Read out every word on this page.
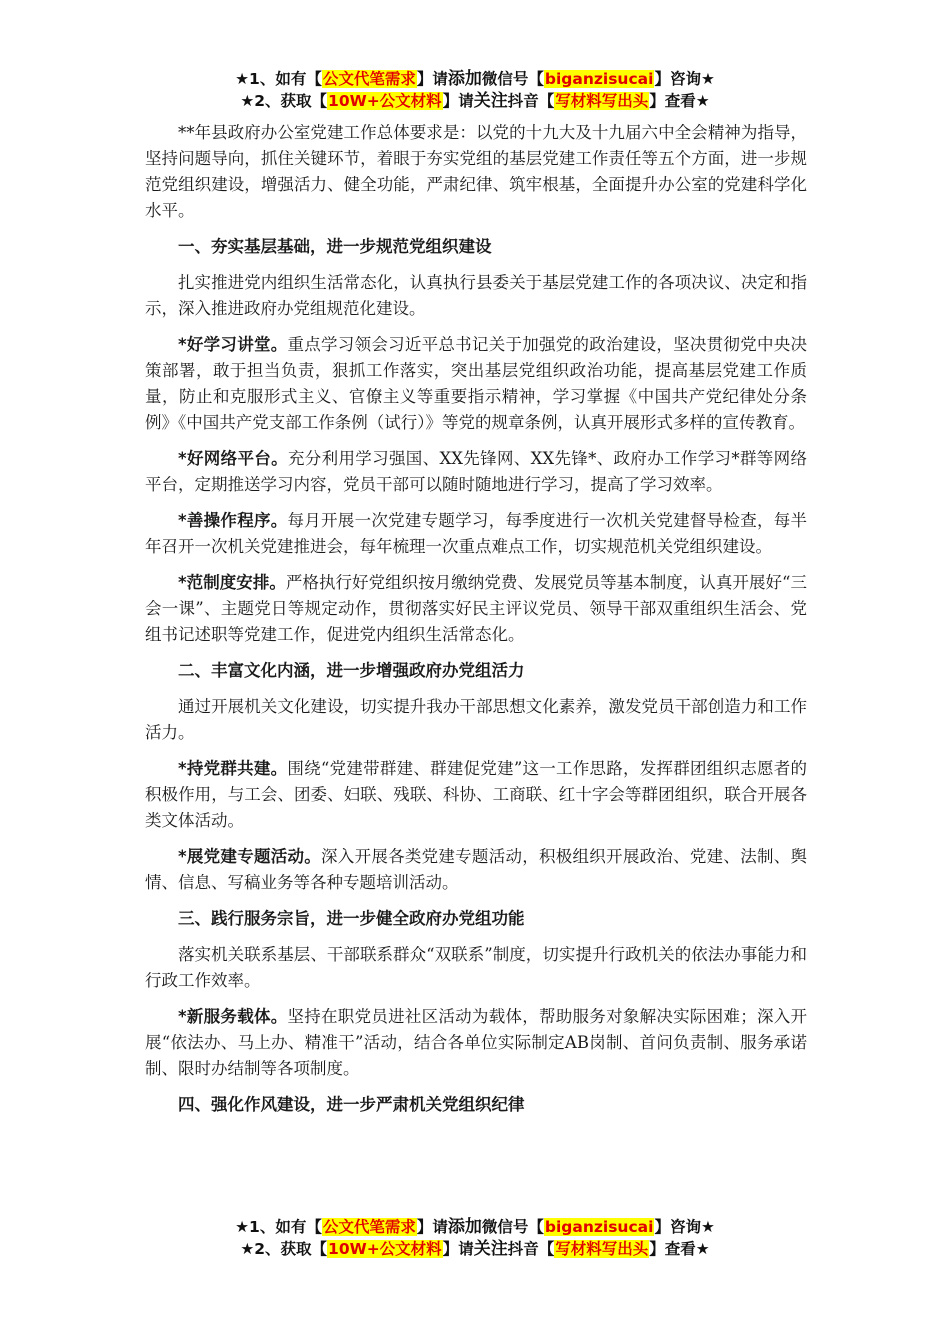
★1、如有【公文代笔需求】请添加微信号【biganzisucai】咨询★
★2、获取【10W+公文材料】请关注抖音【写材料写出头】查看★

**年县政府办公室党建工作总体要求是：以党的十九大及十九届六中全会精神为指导，坚持问题导向，抓住关键环节，着眼于夯实党组的基层党建工作责任等五个方面，进一步规范党组织建设，增强活力、健全功能，严肃纪律、筑牢根基，全面提升办公室的党建科学化水平。

一、夯实基层基础，进一步规范党组织建设

扎实推进党内组织生活常态化，认真执行县委关于基层党建工作的各项决议、决定和指示，深入推进政府办党组规范化建设。

*好学习讲堂。重点学习领会习近平总书记关于加强党的政治建设，坚决贯彻党中央决策部署，敢于担当负责，狠抓工作落实，突出基层党组织政治功能，提高基层党建工作质量，防止和克服形式主义、官僚主义等重要指示精神，学习掌握《中国共产党纪律处分条例》《中国共产党支部工作条例（试行）》等党的规章条例，认真开展形式多样的宣传教育。

*好网络平台。充分利用学习强国、XX先锋网、XX先锋*、政府办工作学习*群等网络平台，定期推送学习内容，党员干部可以随时随地进行学习，提高了学习效率。

*善操作程序。每月开展一次党建专题学习，每季度进行一次机关党建督导检查，每半年召开一次机关党建推进会，每年梳理一次重点难点工作，切实规范机关党组织建设。

*范制度安排。严格执行好党组织按月缴纳党费、发展党员等基本制度，认真开展好“三会一课”、主题党日等规定动作，贯彻落实好民主评议党员、领导干部双重组织生活会、党组书记述职等党建工作，促进党内组织生活常态化。

二、丰富文化内涵，进一步增强政府办党组活力

通过开展机关文化建设，切实提升我办干部思想文化素养，激发党员干部创造力和工作活力。

*持党群共建。围绕“党建带群建、群建促党建”这一工作思路，发挥群团组织志愿者的积极作用，与工会、团委、妇联、残联、科协、工商联、红十字会等群团组织，联合开展各类文体活动。

*展党建专题活动。深入开展各类党建专题活动，积极组织开展政治、党建、法制、舆情、信息、写稿业务等各种专题培训活动。

三、践行服务宗旨，进一步健全政府办党组功能

落实机关联系基层、干部联系群众“双联系”制度，切实提升行政机关的依法办事能力和行政工作效率。

*新服务载体。坚持在职党员进社区活动为载体，帮助服务对象解决实际困难；深入开展“依法办、马上办、精准干”活动，结合各单位实际制定AB岗制、首问负责制、服务承诺制、限时办结制等各项制度。

四、强化作风建设，进一步严肃机关党组织纪律

★1、如有【公文代笔需求】请添加微信号【biganzisucai】咨询★
★2、获取【10W+公文材料】请关注抖音【写材料写出头】查看★
